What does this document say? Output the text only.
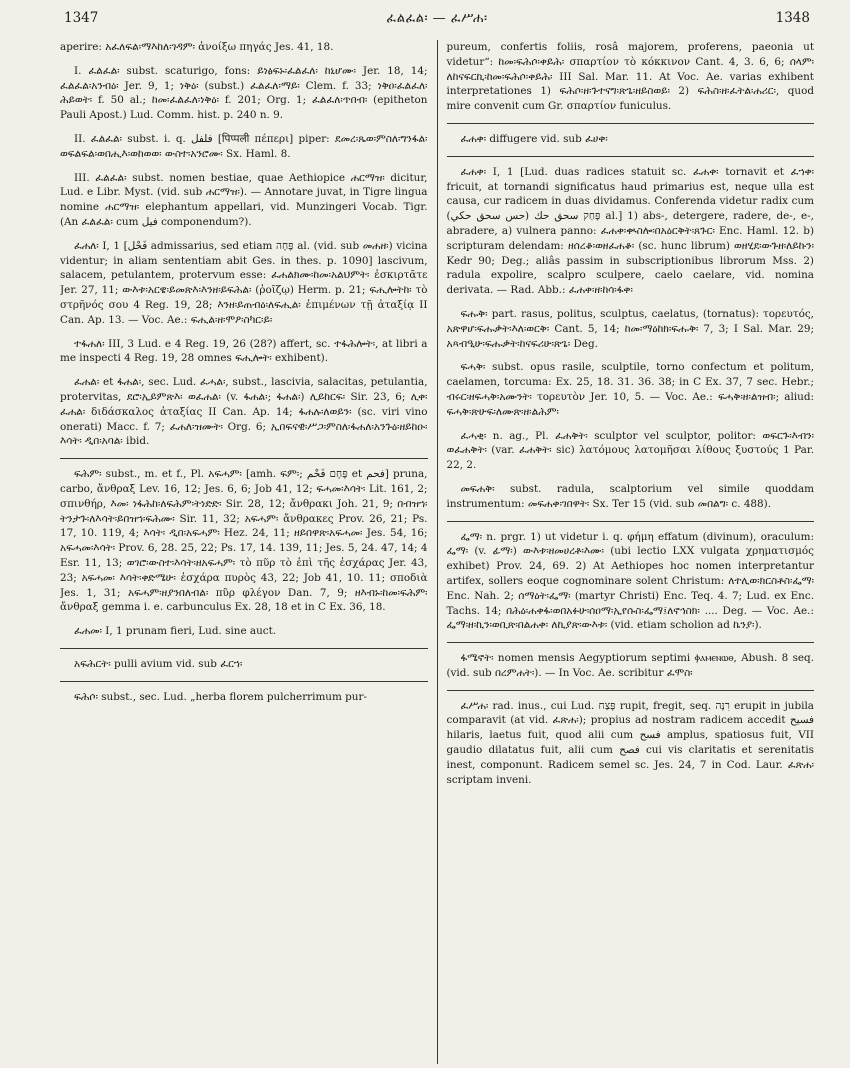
1347	ፈልፈል፡ — ፈሥሐ፡	1348

aperire: አፈለፍል፡ማእከለ፡ገዳም፡ ἀνοίξω πηγάς Jes. 41, 18.

I. ፈልፈል፡ subst. scaturigo, fons: ይነፅፍኑ፡ፈልፈለ፡ ከኒሆሙ፡ Jer. 18, 14; ፈልፈል፡አንብዕ፡ Jer. 9, 1; ነቅዕ፡ (subst.) ፈልፈለ፡ማይ፡ Clem. f. 33; ነቅዐ፡ፈልፈለ፡ሕይወት፡ f. 50 al.; ከመ፡ፈልፈለ፡ነቅዕ፡ f. 201; Org. 1; ፈልፈለ፡ጥበብ፡ (epitheton Pauli Apost.) Lud. Comm. hist. p. 240 n. 9.

II. ፈልፈል፡ subst. i. q. فلفل [पिप्पली πέπερι] piper: ደመረ፡ጼወ፡ምስለ፡ግንፋል፡ወፍልፍል፡ወበሒእ፡ወከወወ፡ ውስተ፡አንሮሙ፡ Sx. Haml. 8.

III. ፈልፈል፡ subst. nomen bestiae, quae Aethiopice ሐርማዝ፡ dicitur, Lud. e Libr. Myst. (vid. sub ሐርማዝ፡). — Annotare juvat, in Tigre lingua nomine ሐርማዝ፡ elephantum appellari, vid. Munzingeri Vocab. Tigr. (An ፈልፈል፡ cum فيل componendum?).

ፈሐለ፡ I, 1 [فَحْل admissarius, sed etiam פֶּחָה al. (vid. sub መሐዘ፡) vicina videntur; in aliam sententiam abit Ges. in thes. p. 1090] lascivum, salacem, petulantem, protervum esse: ፈሐልክሙ፡ከመ፡አልህምት፡ ἐσκιρτᾶτε Jer. 27, 11; ውእቱ፡አርዌ፡ይመጽእ፡እንዘ፡ይፍሕል፡ (ῥοῖζῳ) Herm. p. 21; ፍሒሎትከ፡ τὸ στρῆνός σου 4 Reg. 19, 28; እንዘ፡ይጠብዕ፡ለፍሒል፡ ἐπιμένων τῇ ἀταξίᾳ II Can. Ap. 13. — Voc. Ae.: ፍሒል፡ዘ፡ሞዖ፡ስካር፡ይ፡

ተፋሐለ፡ III, 3 Lud. e 4 Reg. 19, 26 (28?) affert, sc. ተፋሕሎት፡, at libri a me inspecti 4 Reg. 19, 28 omnes ፍሒሎት፡ exhibent).

ፈሐል፡ et ፋሐል፡, sec. Lud. ፈሓል፡, subst., lascivia, salacitas, petulantia, protervitas, ደሮ፡ኢይምጽእ፡ ወፈሐል፡ (v. ፋሐል፡; ፋሐል፡) ሊይከርፍ፡ Sir. 23, 6; ሊቀ፡ፈሐል፡ διδάσκαλος ἀταξίας II Can. Ap. 14; ፋሐሉ፡ለወይን፡ (sc. viri vino onerati) Macc. f. 7; ፈሐለ፡ዝሙት፡ Org. 6; ኢበፍናዊ፡ሥጋ፡ምስለ፡ፋሐለ፡አንጉዕ፡ዘይከዑ፡እሳት፡ ዲበ፡አባል፡ ibid.

ፍሕም፡ subst., m. et f., Pl. አፍሓም፡ [amh. ፍም፡; פֶּחָם فَحْم et فحم] pruna, carbo, ἄνθραξ Lev. 16, 12; Jes. 6, 6; Job 41, 12; ፍሓመ፡እሳት፡ Lit. 161, 2; σπινθήρ, እመ፡ ነፋሕከ፡ለፍሕም፡ትነድድ፡ Sir. 28, 12; ἄνθρακι Joh. 21, 9; በብዝኀ፡ትንታጉ፡ለእሳት፡ይበዝኀ፡ፍሕሙ፡ Sir. 11, 32; አፍሓም፡ ἄνθρακες Prov. 26, 21; Ps. 17, 10. 119, 4; እሳት፡ ዲበ፡አፍሓም፡ Hez. 24, 11; ዘይበዋጽ፡አፍሓመ፡ Jes. 54, 16; አፍሓመ፡እሳት፡ Prov. 6, 28. 25, 22; Ps. 17, 14. 139, 11; Jes. 5, 24. 47, 14; 4 Esr. 11, 13; ወገሮ፡ውስተ፡እሳት፡ዘአፍሓም፡ τὸ πῦρ τὸ ἐπὶ τῆς ἐσχάρας Jer. 43, 23; አፍሓመ፡ እሳት፡ቀድሜሁ፡ ἐσχάρα πυρὸς 43, 22; Job 41, 10. 11; σποδιὰ Jes. 1, 31; አፍሓም፡ዘያንበለብል፡ πῦρ φλέγον Dan. 7, 9; ዘእብኑ፡ከመ፡ፍሕም፡ ἄνθραξ gemma i. e. carbunculus Ex. 28, 18 et in C Ex. 36, 18.

ፈሐመ፡ I, 1 prunam fieri, Lud. sine auct.

አፍሕርት፡ pulli avium vid. sub ፈርኀ፡

ፍሕሶ፡ subst., sec. Lud. „herba florem pulcherrimum pur-

pureum, confertis foliis, rosâ majorem, proferens, paeonia ut videtur“: ከመ፡ፍሕሶ፡ቀይሕ፡ σπαρτίον τὸ κόκκινον Cant. 4, 3. 6, 6; ሰላም፡ለከናፍርኪ፡ከመ፡ፍሕሶ፡ቀይሕ፡ III Sal. Mar. 11. At Voc. Ae. varias exhibent interpretationes 1) ፍሕሶ፡ዘ፡ጉተናግ፡ጽጌ፡ዘይስወይ፡ 2) ፍሕስ፡ዘ፡ፈትል፡ሐሪር፡, quod mire convenit cum Gr. σπαρτίον funiculus.

ፈሐቀ፡ diffugere vid. sub ፈሀቀ፡

ፈሐቀ፡ I, 1 [Lud. duas radices statuit sc. ፈሐቀ፡ tornavit et ፈኀቀ፡ fricuit, at tornandi significatus haud primarius est, neque ulla est causa, cur radicem in duas dividamus. Conferenda videtur radix cum פָּחַק سحق حك (حس سحق حكي) al.] 1) abs-, detergere, radere, de-, e-, abradere, a) vulnera panno: ፈሐቀ፡ቊስሎ፡በአዕርቅት፡ጸጉር፡ Enc. Haml. 12. b) scripturam delendam: ዘሰረቆ፡ወዘፈሐቆ፡ (sc. hunc librum) ወዘሂደ፡ውጉዘ፡ለይኩን፡ Kedr 90; Deg.; aliâs passim in subscriptionibus librorum Mss. 2) radula expolire, scalpro sculpere, caelo caelare, vid. nomina derivata. — Rad. Abb.: ፈሐቀ፡ዘ፡ከሳ፡ፋቀ፡

ፍሑቅ፡ part. rasus, politus, sculptus, caelatus, (tornatus): τορευτός, አጽዋሆ፡ፍሑቃት፡እለ፡ወርቅ፡ Cant. 5, 14; ከመ፡ማዕከክ፡ፍሑቅ፡ 7, 3; I Sal. Mar. 29; አጻብዒሁ፡ፍሑቃት፡ከናፍሪሁ፡ጽጌ፡ Deg.

ፍሓቅ፡ subst. opus rasile, sculptile, torno confectum et politum, caelamen, torcuma: Ex. 25, 18. 31. 36. 38; in C Ex. 37, 7 sec. Hebr.; ብሩር፡ዘፍሓቅ፡አሙንት፡ τορευτὸν Jer. 10, 5. — Voc. Ae.: ፍሓቅ፡ዘ፡ልዝብ፡; aliud: ፍሓቅ፡ጽሁፍ፡ለሙጽ፡ዘ፡ልሕም፡

ፈሓቂ፡ n. ag., Pl. ፈሐቅት፡ sculptor vel sculptor, politor: ወፍርጉ፡እብን፡ወፈሐቅት፡ (var. ፈሐቅት፡ sic) λατόμους λατομῆσαι λίθους ξυστούς 1 Par. 22, 2.

መፍሐቅ፡ subst. radula, scalptorium vel simile quoddam instrumentum: መፍሐቀ፡ገበዋት፡ Sx. Ter 15 (vid. sub መበልግ፡ c. 488).

ፌማ፡ n. prgr. 1) ut videtur i. q. φήμη effatum (divinum), oraculum: ፌማ፡ (v. ፊማ፡) ውእቱ፡ዘመሀረቶ፡እሙ፡ (ubi lectio LXX vulgata χρηματισμός exhibet) Prov. 24, 69. 2) At Aethiopes hoc nomen interpretantur artifex, sollers eoque cognominare solent Christum: ለተሊወ፡ክርስቶስ፡ፌማ፡ Enc. Nah. 2; ሰማዕት፡ፌማ፡ (martyr Christi) Enc. Teq. 4. 7; Lud. ex Enc. Tachs. 14; በሕዕ፡ሐቀፋ፡ወበአፉሁ፡ሰዐማ፡ኢየሱስ፡ፌማ፤ለኖኅስክ፡ .... Deg. — Voc. Ae.: ፌማ፡ዘ፡ኪን፡ወቢጽ፡በልሐቀ፡ ለኪያጽ፡ውእቱ፡ (vid. etiam scholion ad ኬንያ፡).

ፋሜኖት፡ nomen mensis Aegyptiorum septimi ⲫⲁⲙⲉⲛⲱⲑ, Abush. 8 seq. (vid. sub በረምሐት፡). — In Voc. Ae. scribitur ፈሞስ፡

ፈሥሐ፡ rad. inus., cui Lud. פָּצַח rupit, fregit, seq. רִנָּה erupit in jubila comparavit (at vid. ፈጽሐ፡); propius ad nostram radicem accedit فسيح hilaris, laetus fuit, quod alii cum فسح amplus, spatiosus fuit, VII gaudio dilatatus fuit, alii cum فصح cui vis claritatis et serenitatis inest, componunt. Radicem semel sc. Jes. 24, 7 in Cod. Laur. ፈጽሐ፡ scriptam inveni.
